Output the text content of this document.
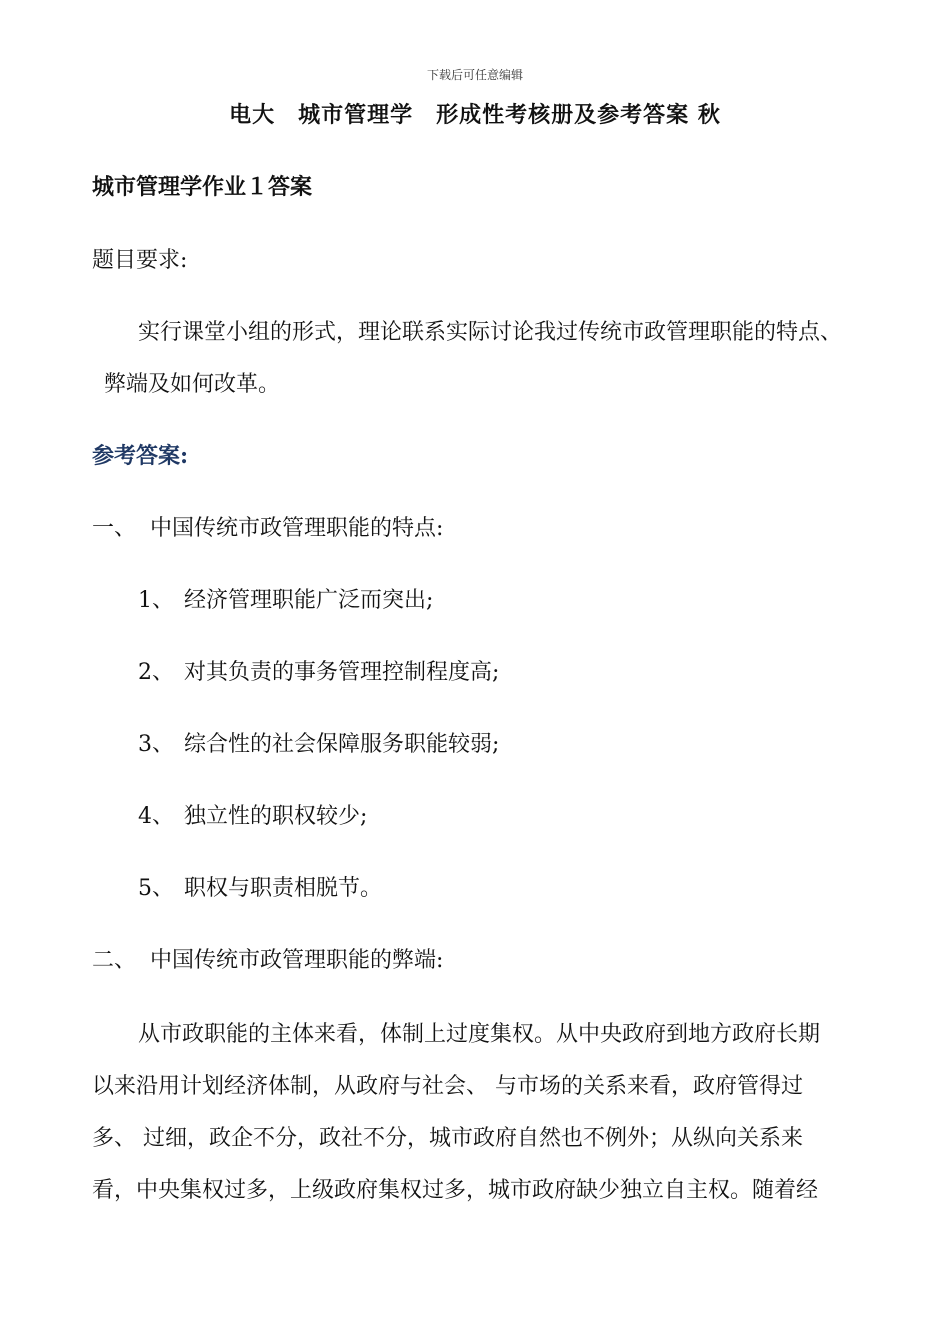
下载后可任意编辑
电大　城市管理学　形成性考核册及参考答案 秋
城市管理学作业１答案
题目要求:
实行课堂小组的形式，理论联系实际讨论我过传统市政管理职能的特点、
弊端及如何改革。
参考答案:
一、 中国传统市政管理职能的特点:
1、 经济管理职能广泛而突出;
2、 对其负责的事务管理控制程度高;
3、 综合性的社会保障服务职能较弱;
4、 独立性的职权较少;
5、 职权与职责相脱节。
二、 中国传统市政管理职能的弊端:
从市政职能的主体来看，体制上过度集权。从中央政府到地方政府长期
以来沿用计划经济体制，从政府与社会、 与市场的关系来看，政府管得过
多、 过细，政企不分，政社不分，城市政府自然也不例外；从纵向关系来
看，中央集权过多，上级政府集权过多，城市政府缺少独立自主权。随着经
